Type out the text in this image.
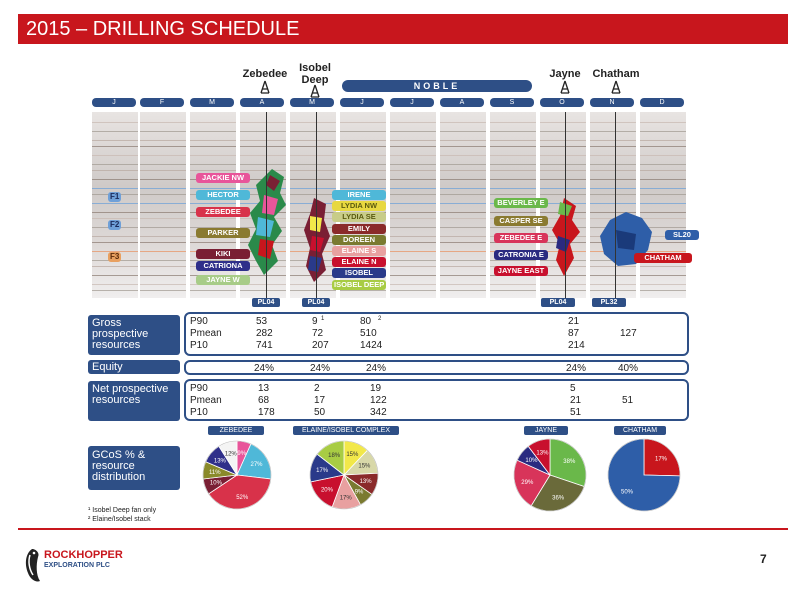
2015 – DRILLING SCHEDULE
Zebedee	Isobel
Deep	Jayne	Chatham
NOBLE
J	F	M	A	M	J	J	A	S	O	N	D
F1
F2
F3
JACKIE NW
HECTOR
ZEBEDEE
PARKER
KIKI
CATRIONA
JAYNE W
IRENE
LYDIA NW
LYDIA SE
EMILY
DOREEN
ELAINE S
ELAINE N
ISOBEL
ISOBEL DEEP
BEVERLEY E
CASPER SE
ZEBEDEE E
CATRONIA E
JAYNE EAST
SL20
CHATHAM
PL04	PL04	PL04	PL32
Gross prospective resources
Equity
Net prospective resources
GCoS % & resource distribution
P90	53	9	80	21
Pmean	282	72	510	87	127
P10	741	207	1424	214
1	2
24%	24%	24%	24%	40%
P90	13	2	19	5
Pmean	68	17	122	21	51
P10	178	50	342	51
ZEBEDEE	ELAINE/ISOBEL COMPLEX	JAYNE	CHATHAM
9%
27%
52%
10%
11%
13%
12%	15%
15%
13%
9%
17%
20%
17%
18%
38%
36%
29%
10%
13%
17%
50%
¹ Isobel Deep fan only
² Elaine/Isobel stack
ROCKHOPPER
EXPLORATION PLC	7
